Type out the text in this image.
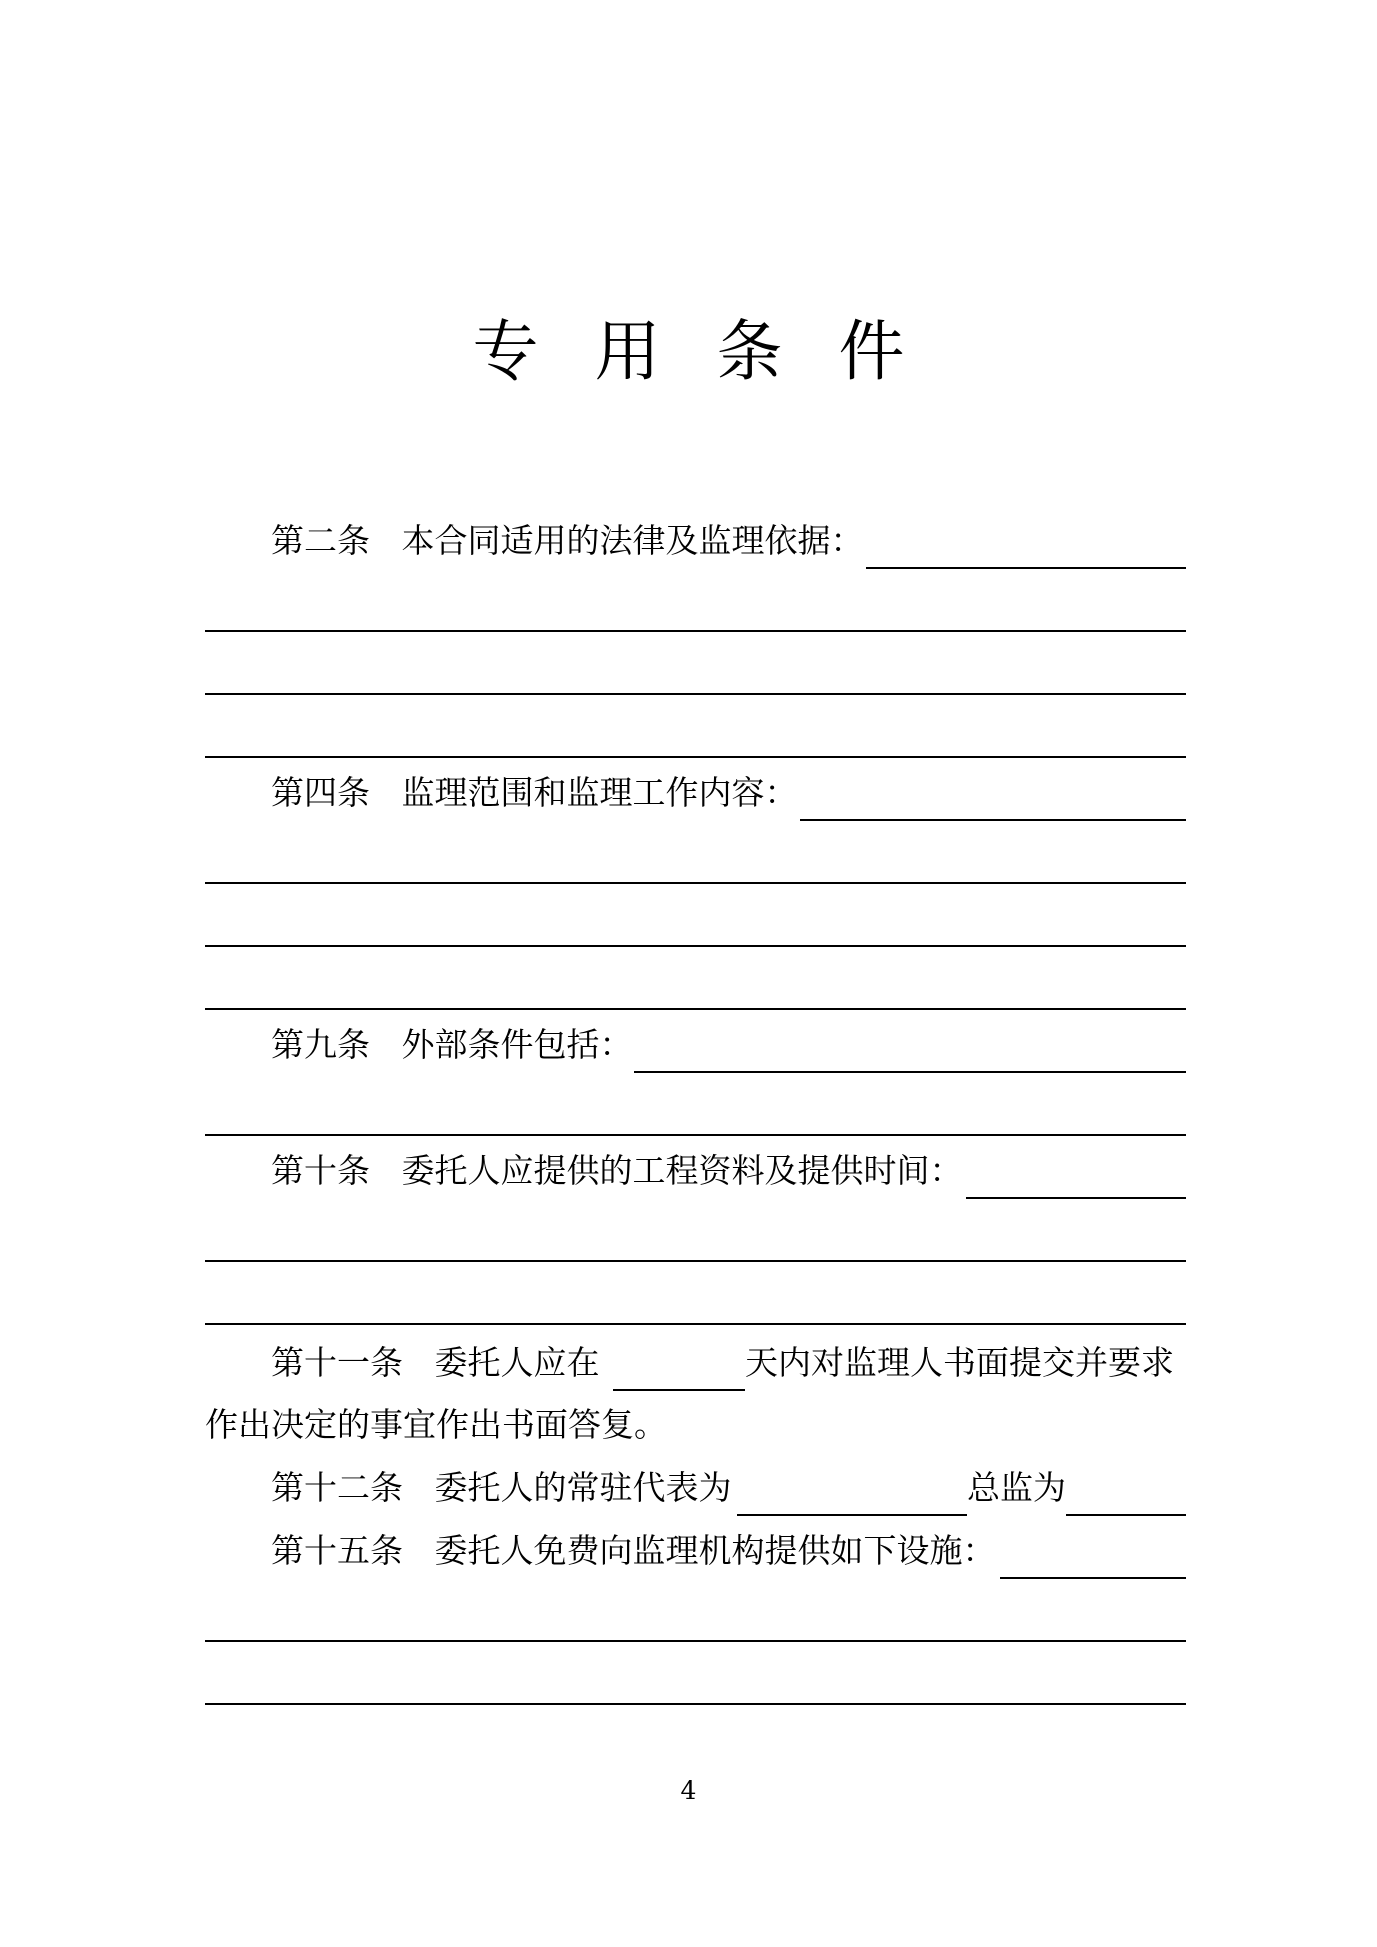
专用条件
第二条 本合同适用的法律及监理依据：
第四条 监理范围和监理工作内容：
第九条 外部条件包括：
第十条 委托人应提供的工程资料及提供时间：
第十一条 委托人应在	天内对监理人书面提交并要求
作出决定的事宜作出书面答复。
第十二条 委托人的常驻代表为	总监为
第十五条 委托人免费向监理机构提供如下设施：
4
